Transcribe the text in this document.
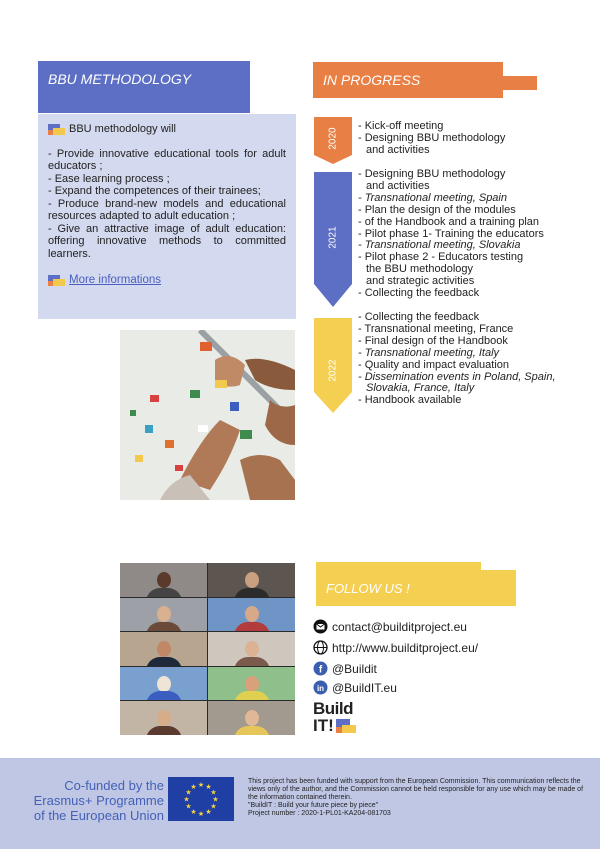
BBU METHODOLOGY	IN PROGRESS
BBU methodology will
- Provide innovative educational tools for adult educators ;
- Ease learning process ;
- Expand the competences of their trainees;
- Produce brand-new models and educational resources adapted to adult education ;
- Give an attractive image of adult education: offering innovative methods to committed learners.
More informations
2020
2021
2022
- Kick-off meeting
- Designing BBU methodology
and activities
- Designing BBU methodology
and activities
- Transnational meeting, Spain
- Plan the design of the modules
- of the Handbook and a training plan
- Pilot phase 1- Training the educators
- Transnational meeting, Slovakia
- Pilot phase 2 - Educators testing
the BBU methodology
and strategic activities
- Collecting the feedback
- Collecting the feedback
- Transnational meeting, France
- Final design of the Handbook
- Transnational meeting, Italy
- Quality and impact evaluation
- Dissemination events in Poland, Spain,
Slovakia, France, Italy
- Handbook available
FOLLOW US !
contact@builditproject.eu
http://www.builditproject.eu/
f @Buildit
in @BuildIT.eu
Build
IT!
Co-funded by the Erasmus+ Programme of the European Union
★ ★
★
★
★
★
★
★
★
★
★
★
This project has been funded with support from the European Commission. This communication reflects the views only of the author, and the Commission cannot be held responsible for any use which may be made of the information contained therein.
"BuildIT : Build your future piece by piece"
Project number : 2020-1-PL01-KA204-081703
